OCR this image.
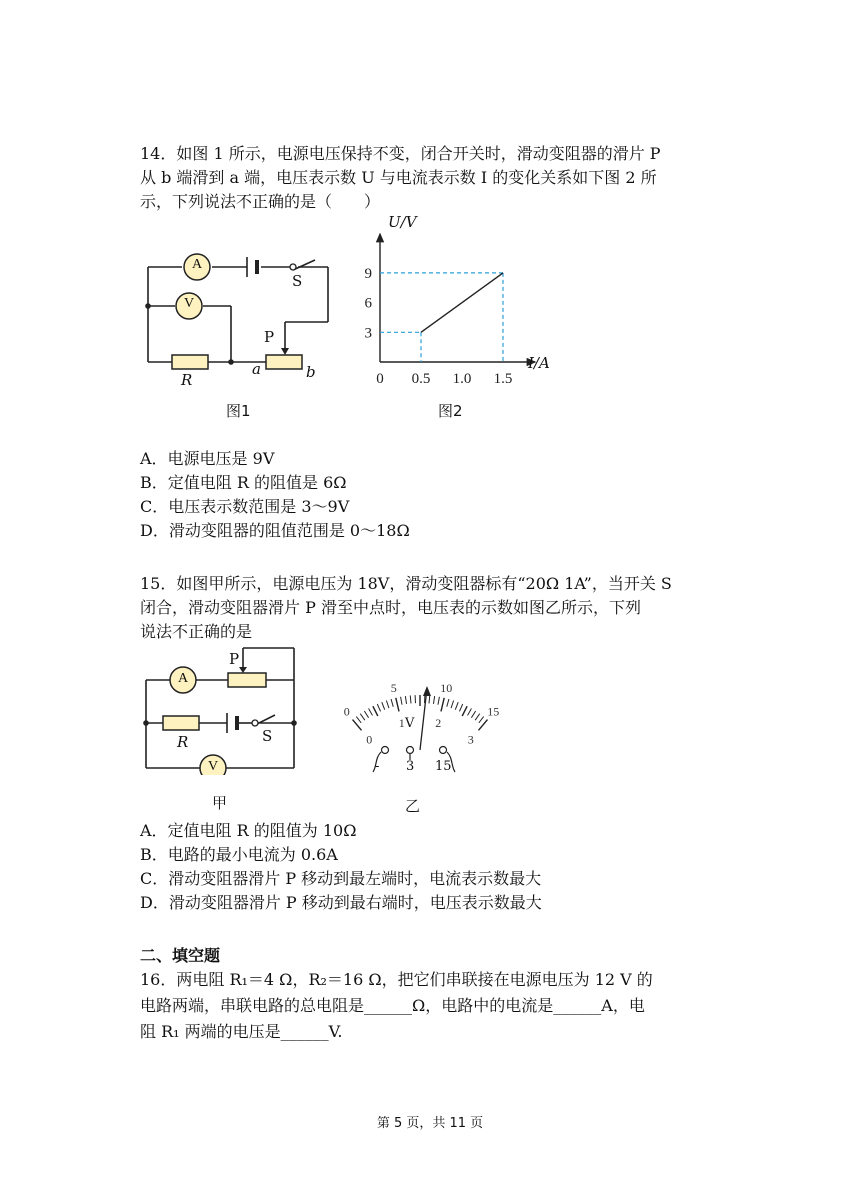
14．如图 1 所示，电源电压保持不变，闭合开关时，滑动变阻器的滑片 P
从 b 端滑到 a 端，电压表示数 U 与电流表示数 I 的变化关系如下图 2 所
示，下列说法不正确的是（　　）
A
V
S
P
R
a	b
图1
3
6
9
0 0.5 1.0 1.5
U/V
I/A
图2
A．电源电压是 9V
B．定值电阻 R 的阻值是 6Ω
C．电压表示数范围是 3～9V
D．滑动变阻器的阻值范围是 0～18Ω
15．如图甲所示，电源电压为 18V，滑动变阻器标有“20Ω 1A”，当开关 S
闭合，滑动变阻器滑片 P 滑至中点时，电压表的示数如图乙所示，下列
说法不正确的是
A
V
P
S
R
甲
0
5	10
15
0
1	2
3
V
- 3 15
乙
A．定值电阻 R 的阻值为 10Ω
B．电路的最小电流为 0.6A
C．滑动变阻器滑片 P 移动到最左端时，电流表示数最大
D．滑动变阻器滑片 P 移动到最右端时，电压表示数最大
二、填空题
16．两电阻 R₁＝4 Ω，R₂＝16 Ω，把它们串联接在电源电压为 12 V 的
电路两端，串联电路的总电阻是______Ω，电路中的电流是______A，电
阻 R₁ 两端的电压是______V.
第 5 页，共 11 页
